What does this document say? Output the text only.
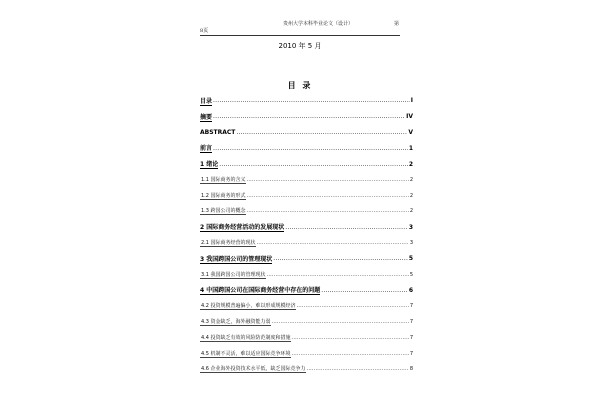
贵州大学本科毕业论文（设计）	第
8页
2010 年 5 月
目 录
目录 .....	I
摘要 .....	IV
ABSTRACT .....	V
前言 .....	1
1 绪论 .....	2
1.1 国际商务的含义 .....	2
1.2 国际商务的形式 .....	2
1.3 跨国公司的概念 .....	2
2 国际商务经营活动的发展现状 .....	3
2.1 国际商务经营的现状 .....	3
3 我国跨国公司的管理现状 .....	5
3.1 我国跨国公司的管理现状 .....	5
4 中国跨国公司在国际商务经营中存在的问题 .....	6
4.2 投资规模普遍偏小，难以形成规模经济 .....	7
4.3 资金缺乏，海外融资能力弱 .....	7
4.4 投资缺乏有效的风险防范制度和措施 .....	7
4.5 机制不灵活，难以适应国际竞争环境 .....	7
4.6 企业海外投资技术水平低，缺乏国际竞争力 .....	8
